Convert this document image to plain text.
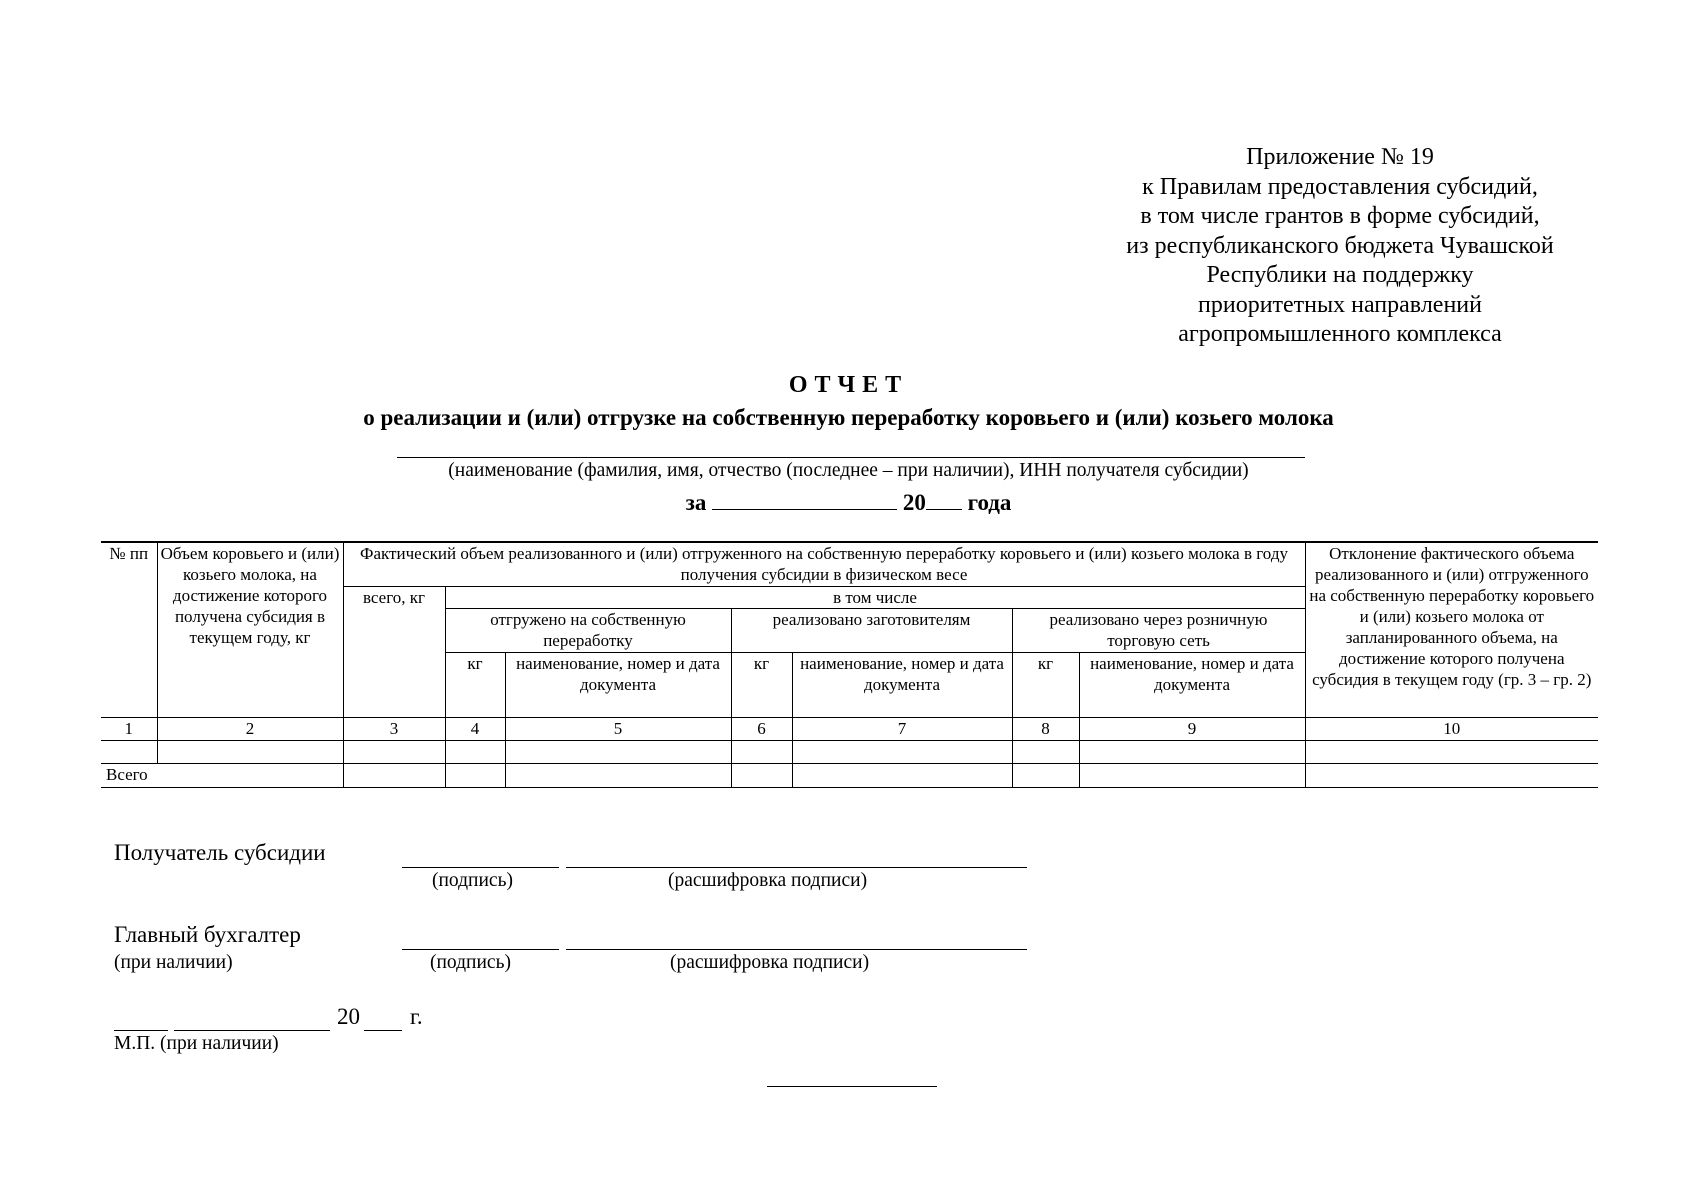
Приложение № 19
к Правилам предоставления субсидий,
в том числе грантов в форме субсидий,
из республиканского бюджета Чувашской
Республики на поддержку
приоритетных направлений
агропромышленного комплекса
ОТЧЕТ
о реализации и (или) отгрузке на собственную переработку коровьего и (или) козьего молока
(наименование (фамилия, имя, отчество (последнее – при наличии), ИНН получателя субсидии)
за	20 года
№ пп	Объем коровьего и (или) козьего молока, на достижение которого получена субсидия в текущем году, кг	Фактический объем реализованного и (или) отгруженного на собственную переработку коровьего и (или) козьего молока в году получения субсидии в физическом весе							Отклонение фактического объема реализованного и (или) отгруженного на собственную переработку коровьего и (или) козьего молока от запланированного объема, на достижение которого получена субсидия в текущем году (гр. 3 – гр. 2)
		всего, кг	в том числе						
			отгружено на собственную переработку		реализовано заготовителям		реализовано через розничную торговую сеть		
			кг	наименование, номер и дата документа	кг	наименование, номер и дата документа	кг	наименование, номер и дата документа	
1	2	3	4	5	6	7	8	9	10

Всего									
Получатель субсидии
(подпись)	(расшифровка подписи)
Главный бухгалтер
(при наличии)	(подпись)	(расшифровка подписи)
20 г.
М.П. (при наличии)
